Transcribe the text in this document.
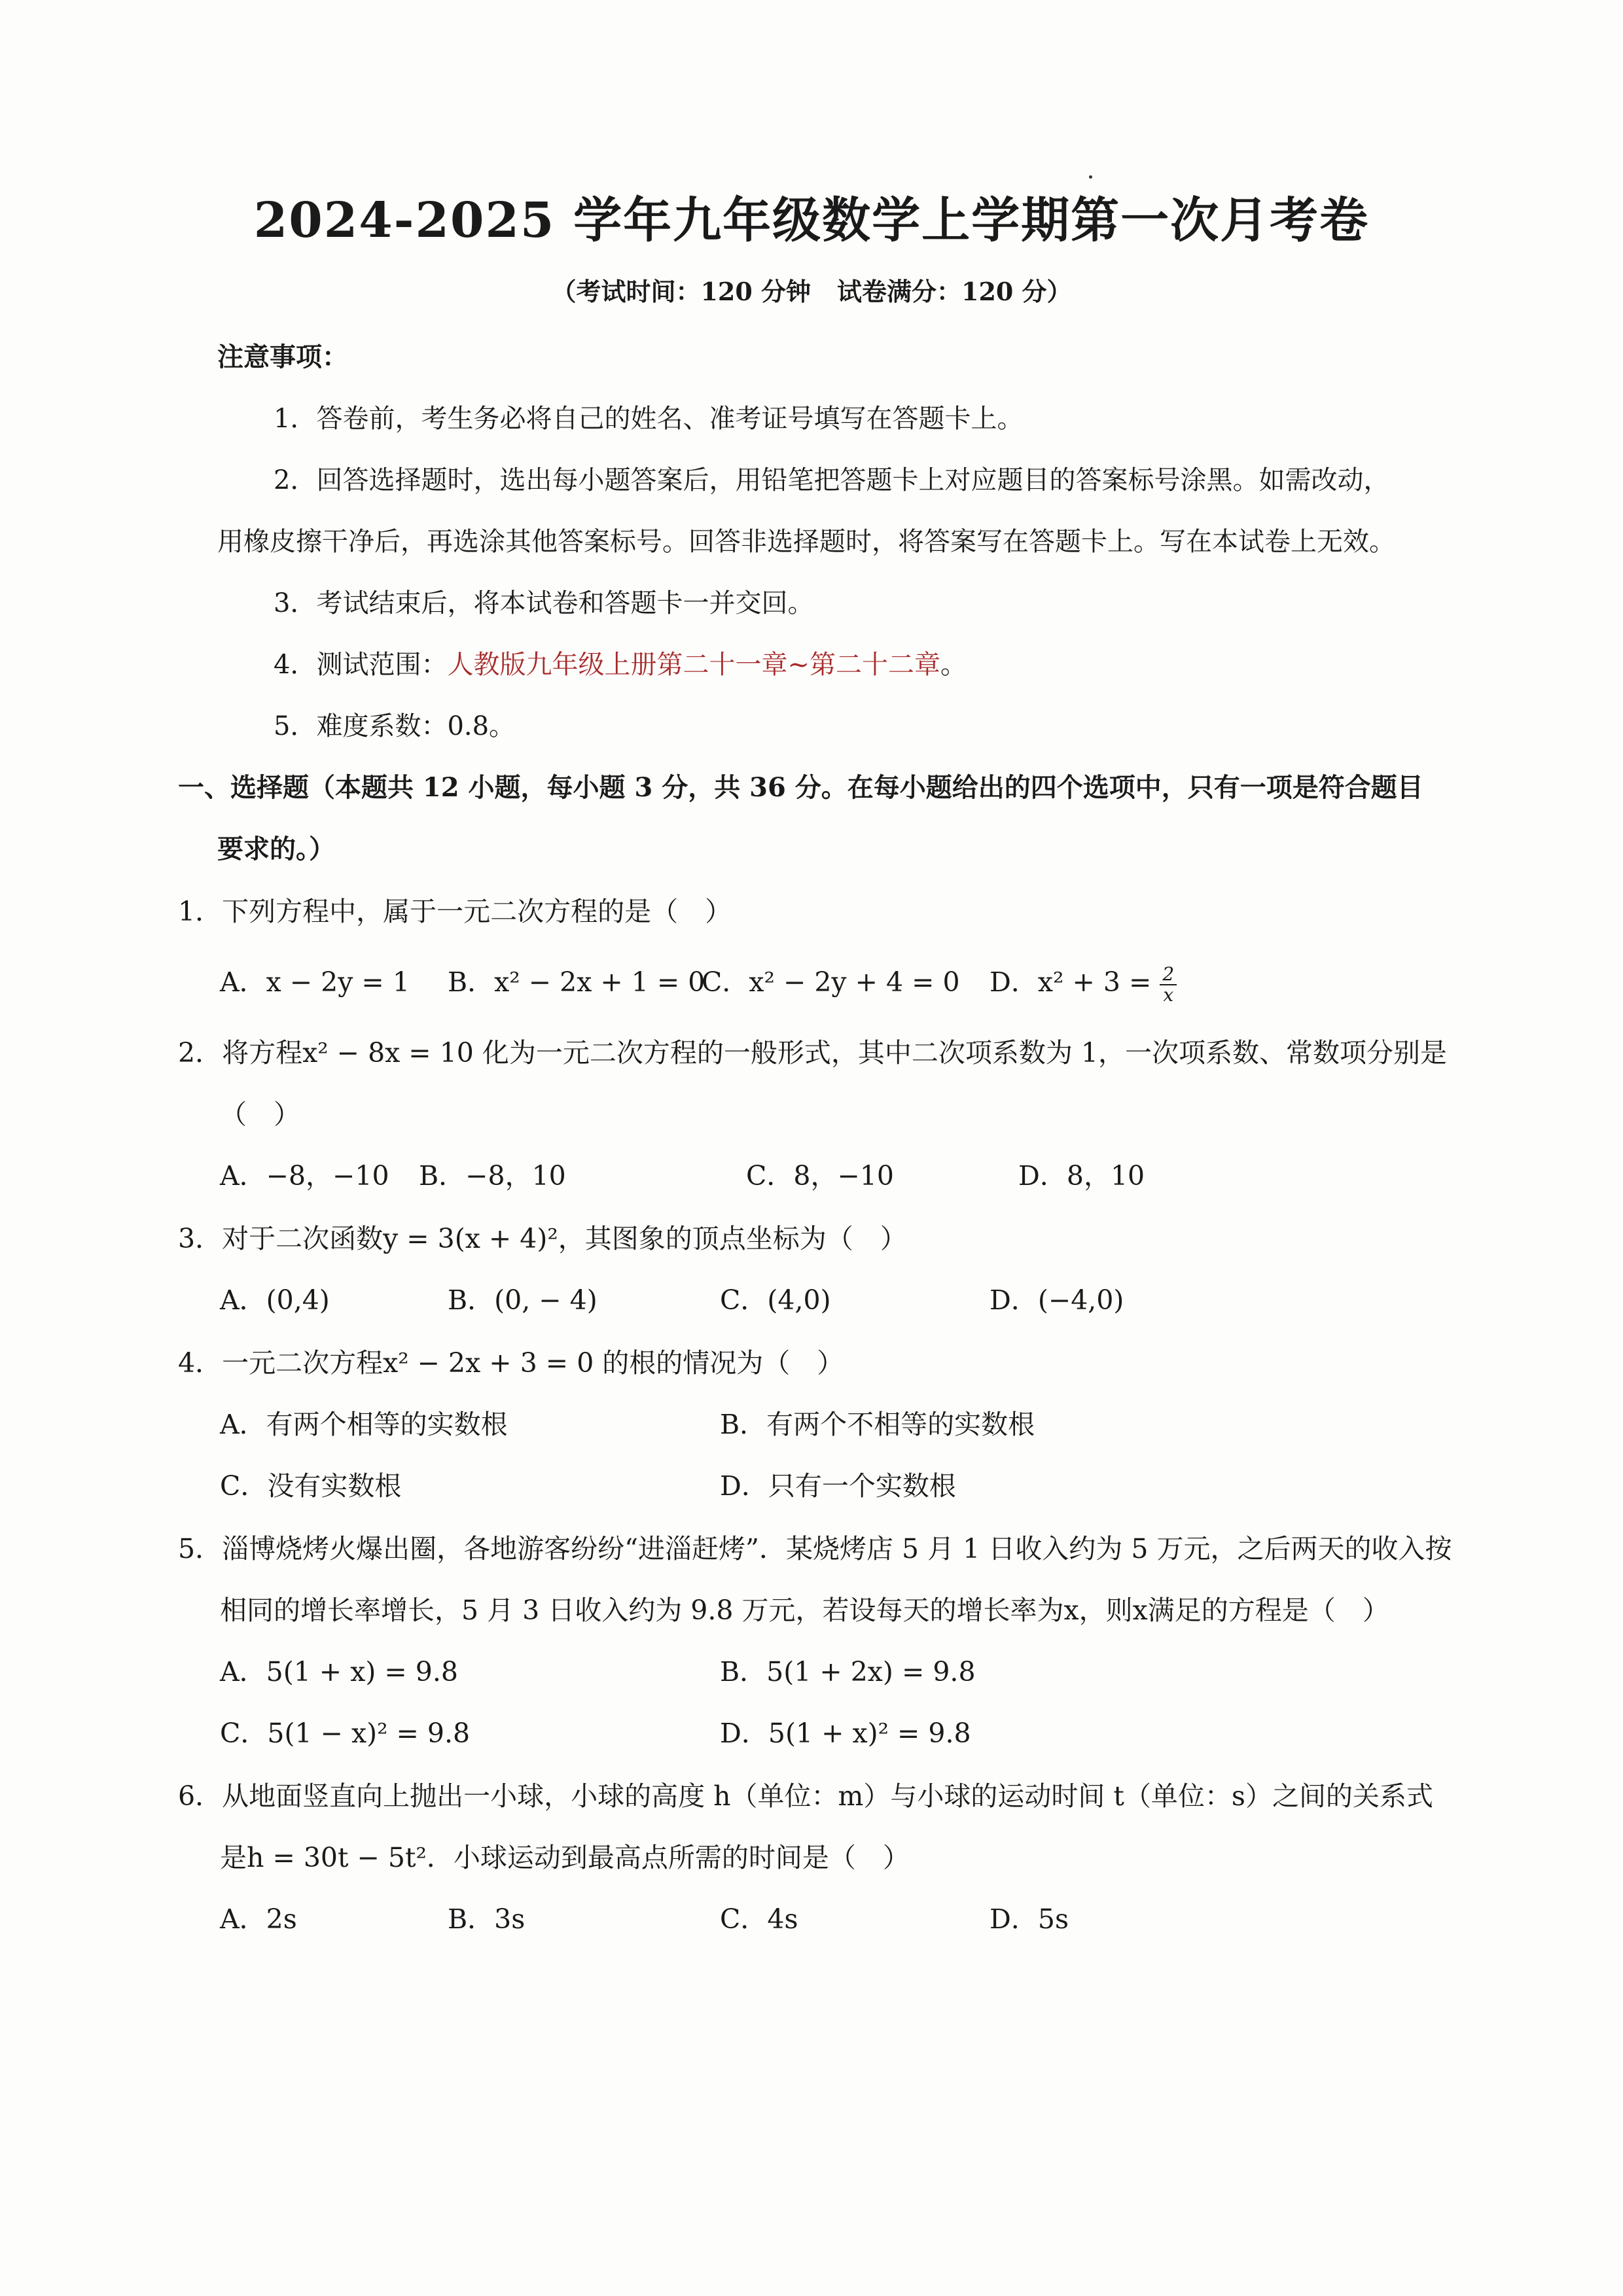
2024-2025 学年九年级数学上学期第一次月考卷
（考试时间：120 分钟 试卷满分：120 分）
注意事项：
1．答卷前，考生务必将自己的姓名、准考证号填写在答题卡上。
2．回答选择题时，选出每小题答案后，用铅笔把答题卡上对应题目的答案标号涂黑。如需改动，
用橡皮擦干净后，再选涂其他答案标号。回答非选择题时，将答案写在答题卡上。写在本试卷上无效。
3．考试结束后，将本试卷和答题卡一并交回。
4．测试范围：人教版九年级上册第二十一章~第二十二章。
5．难度系数：0.8。
一、选择题（本题共 12 小题，每小题 3 分，共 36 分。在每小题给出的四个选项中，只有一项是符合题目
要求的。）
1．下列方程中，属于一元二次方程的是（　）
A．x − 2y = 1 B．x² − 2x + 1 = 0
C．x² − 2y + 4 = 0 D．$x^2 + 3 = \frac{2}{x}$
2．将方程x² − 8x = 10 化为一元二次方程的一般形式，其中二次项系数为 1，一次项系数、常数项分别是
（　）
A．−8，−10 B．−8，10	C．8，−10	D．8，10
3．对于二次函数y = 3(x + 4)²，其图象的顶点坐标为（　）
A．(0,4)	B．(0, − 4)	C．(4,0)	D．(−4,0)
4．一元二次方程x² − 2x + 3 = 0 的根的情况为（　）
A．有两个相等的实数根	B．有两个不相等的实数根
C．没有实数根	D．只有一个实数根
5．淄博烧烤火爆出圈，各地游客纷纷“进淄赶烤”．某烧烤店 5 月 1 日收入约为 5 万元，之后两天的收入按
相同的增长率增长，5 月 3 日收入约为 9.8 万元，若设每天的增长率为x，则x满足的方程是（　）
A．5(1 + x) = 9.8	B．5(1 + 2x) = 9.8
C．5(1 − x)² = 9.8	D．5(1 + x)² = 9.8
6．从地面竖直向上抛出一小球，小球的高度 h（单位：m）与小球的运动时间 t（单位：s）之间的关系式
是h = 30t − 5t²．小球运动到最高点所需的时间是（　）
A．2s	B．3s	C．4s	D．5s
